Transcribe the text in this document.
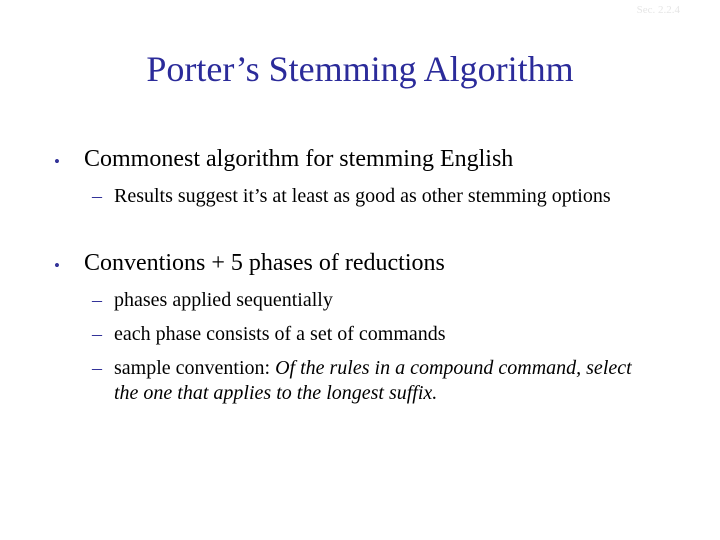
Sec. 2.2.4
Porter’s Stemming Algorithm
• Commonest algorithm for stemming English
– Results suggest it’s at least as good as other stemming options
• Conventions + 5 phases of reductions
– phases applied sequentially
– each phase consists of a set of commands
– sample convention: Of the rules in a compound command, select the one that applies to the longest suffix.
